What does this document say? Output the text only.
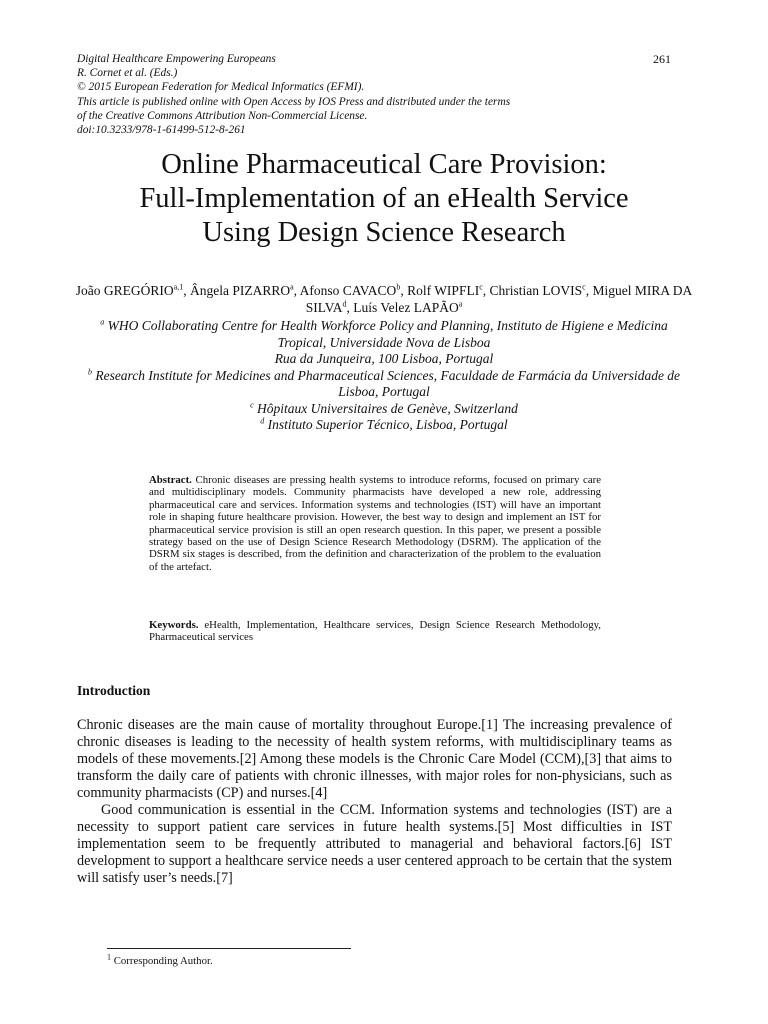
Digital Healthcare Empowering Europeans
R. Cornet et al. (Eds.)
© 2015 European Federation for Medical Informatics (EFMI).
This article is published online with Open Access by IOS Press and distributed under the terms
of the Creative Commons Attribution Non-Commercial License.
doi:10.3233/978-1-61499-512-8-261
261
Online Pharmaceutical Care Provision:
Full-Implementation of an eHealth Service
Using Design Science Research
João GREGÓRIO$^{a,1}$, Ângela PIZARRO$^a$, Afonso CAVACO$^b$, Rolf WIPFLI$^c$, Christian LOVIS$^c$, Miguel MIRA DA SILVA$^d$, Luís Velez LAPÃO$^a$
$^a$ WHO Collaborating Centre for Health Workforce Policy and Planning, Instituto de Higiene e Medicina Tropical, Universidade Nova de Lisboa
Rua da Junqueira, 100 Lisboa, Portugal
$^b$ Research Institute for Medicines and Pharmaceutical Sciences, Faculdade de Farmácia da Universidade de Lisboa, Portugal
$^c$ Hôpitaux Universitaires de Genève, Switzerland
$^d$ Instituto Superior Técnico, Lisboa, Portugal
Abstract. Chronic diseases are pressing health systems to introduce reforms, focused on primary care and multidisciplinary models. Community pharmacists have developed a new role, addressing pharmaceutical care and services. Information systems and technologies (IST) will have an important role in shaping future healthcare provision. However, the best way to design and implement an IST for pharmaceutical service provision is still an open research question. In this paper, we present a possible strategy based on the use of Design Science Research Methodology (DSRM). The application of the DSRM six stages is described, from the definition and characterization of the problem to the evaluation of the artefact.
Keywords. eHealth, Implementation, Healthcare services, Design Science Research Methodology, Pharmaceutical services
Introduction

Chronic diseases are the main cause of mortality throughout Europe.[1] The increasing prevalence of chronic diseases is leading to the necessity of health system reforms, with multidisciplinary teams as models of these movements.[2] Among these models is the Chronic Care Model (CCM),[3] that aims to transform the daily care of patients with chronic illnesses, with major roles for non-physicians, such as community pharmacists (CP) and nurses.[4]

Good communication is essential in the CCM. Information systems and technologies (IST) are a necessity to support patient care services in future health systems.[5] Most difficulties in IST implementation seem to be frequently attributed to managerial and behavioral factors.[6] IST development to support a healthcare service needs a user centered approach to be certain that the system will satisfy user’s needs.[7]

$^1$ Corresponding Author.
